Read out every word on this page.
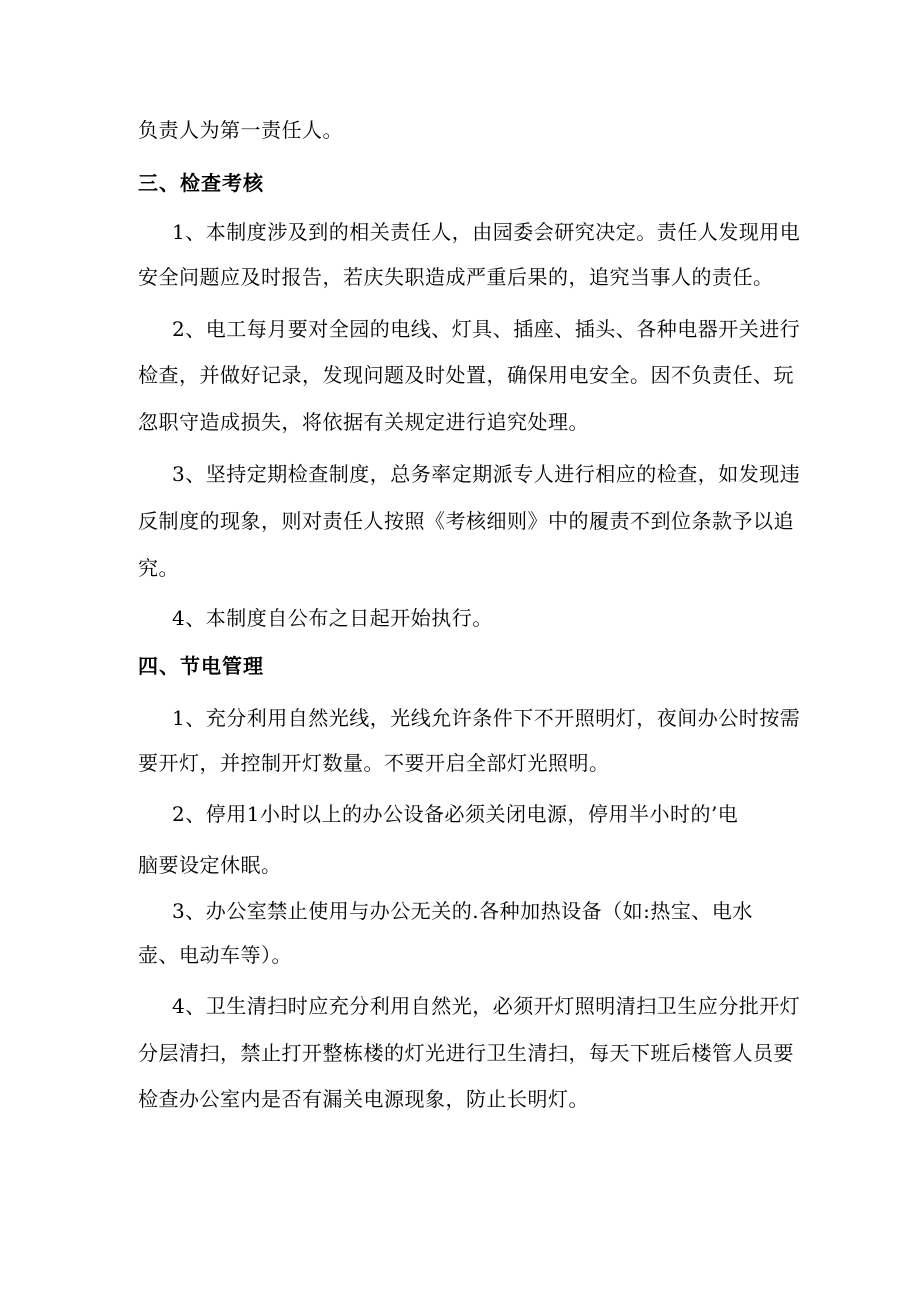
负责人为第一责任人。
三、检查考核
1、本制度涉及到的相关责任人，由园委会研究决定。责任人发现用电
安全问题应及时报告，若庆失职造成严重后果的，追究当事人的责任。
2、电工每月要对全园的电线、灯具、插座、插头、各种电器开关进行
检查，并做好记录，发现问题及时处置，确保用电安全。因不负责任、玩
忽职守造成损失，将依据有关规定进行追究处理。
3、坚持定期检查制度，总务率定期派专人进行相应的检查，如发现违
反制度的现象，则对责任人按照《考核细则》中的履责不到位条款予以追
究。
4、本制度自公布之日起开始执行。
四、节电管理
1、充分利用自然光线，光线允许条件下不开照明灯，夜间办公时按需
要开灯，并控制开灯数量。不要开启全部灯光照明。
2、停用1小时以上的办公设备必须关闭电源，停用半小时的’电
脑要设定休眠。
3、办公室禁止使用与办公无关的.各种加热设备（如:热宝、电水
壶、电动车等）。
4、卫生清扫时应充分利用自然光，必须开灯照明清扫卫生应分批开灯
分层清扫，禁止打开整栋楼的灯光进行卫生清扫，每天下班后楼管人员要
检查办公室内是否有漏关电源现象，防止长明灯。
